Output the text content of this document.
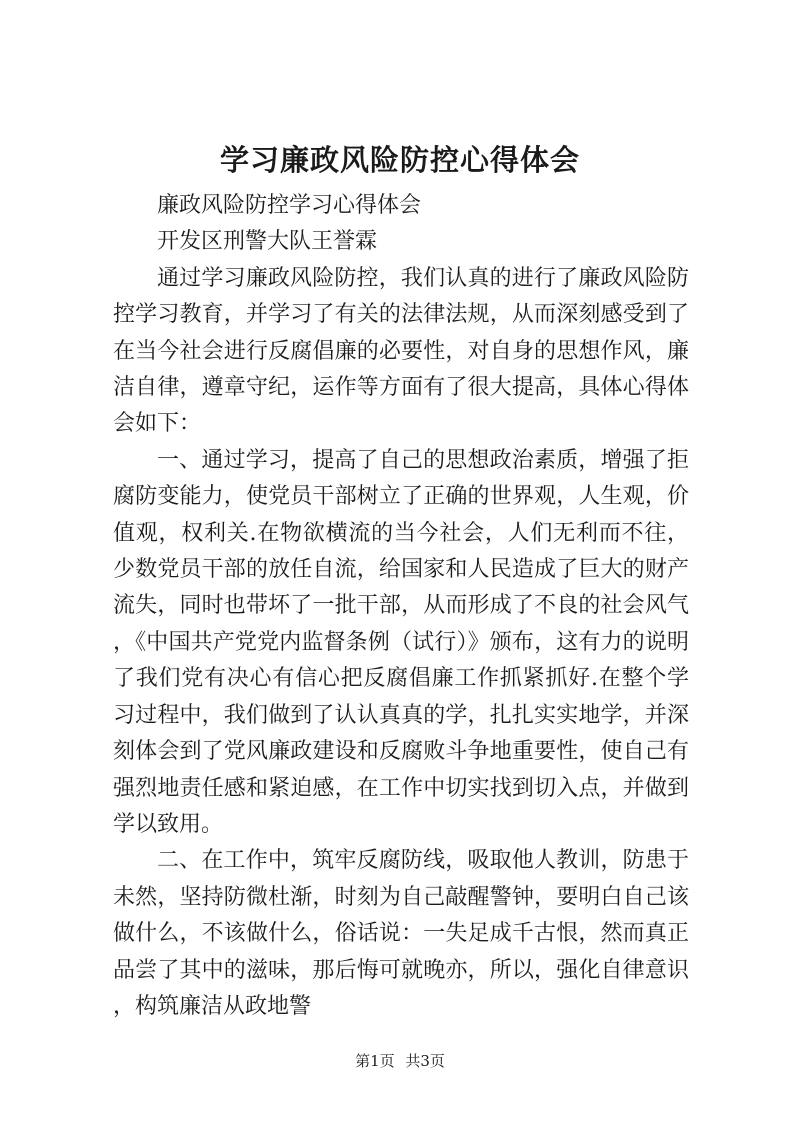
学习廉政风险防控心得体会

廉政风险防控学习心得体会

开发区刑警大队王誉霖

通过学习廉政风险防控，我们认真的进行了廉政风险防控学习教育，并学习了有关的法律法规，从而深刻感受到了在当今社会进行反腐倡廉的必要性，对自身的思想作风，廉洁自律，遵章守纪，运作等方面有了很大提高，具体心得体会如下：

一、通过学习，提高了自己的思想政治素质，增强了拒腐防变能力，使党员干部树立了正确的世界观，人生观，价值观，权利关.在物欲横流的当今社会，人们无利而不往，少数党员干部的放任自流，给国家和人民造成了巨大的财产流失，同时也带坏了一批干部，从而形成了不良的社会风气，《中国共产党党内监督条例（试行）》颁布，这有力的说明了我们党有决心有信心把反腐倡廉工作抓紧抓好.在整个学习过程中，我们做到了认认真真的学，扎扎实实地学，并深刻体会到了党风廉政建设和反腐败斗争地重要性，使自己有强烈地责任感和紧迫感，在工作中切实找到切入点，并做到学以致用。

二、在工作中，筑牢反腐防线，吸取他人教训，防患于未然，坚持防微杜渐，时刻为自己敲醒警钟，要明白自己该做什么，不该做什么，俗话说：一失足成千古恨，然而真正品尝了其中的滋味，那后悔可就晚亦，所以，强化自律意识，构筑廉洁从政地警

第1页 共3页
